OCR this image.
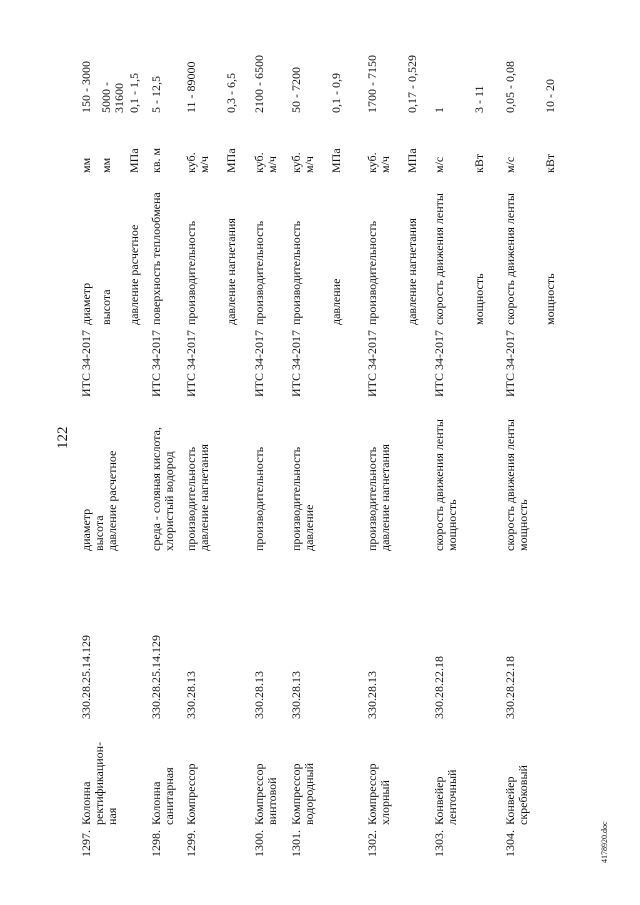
122
1297.
Колонна ректификацион-ная
330.28.25.14.129
диаметр высота давление расчетное
ИТС 34-2017
диаметр высота давление расчетное
мм мм МПа
150 - 3000 5000 - 31600 0,1 - 1,5
1298.
Колонна санитарная
330.28.25.14.129
среда - соляная кислота, хлористый водород
ИТС 34-2017
поверхность теплообмена
кв. м
5 - 12,5
1299.
Компрессор
330.28.13
производительность давление нагнетания
ИТС 34-2017
производительность давление нагнетания
куб. м/ч МПа
11 - 89000 0,3 - 6,5
1300.
Компрессор винтовой
330.28.13
производительность
ИТС 34-2017
производительность
куб. м/ч
2100 - 6500
1301.
Компрессор водородный
330.28.13
производительность давление
ИТС 34-2017
производительность давление
куб. м/ч МПа
50 - 7200 0,1 - 0,9
1302.
Компрессор хлорный
330.28.13
производительность давление нагнетания
ИТС 34-2017
производительность давление нагнетания
куб. м/ч МПа
1700 - 7150 0,17 - 0,529
1303.
Конвейер ленточный
330.28.22.18
скорость движения ленты мощность
ИТС 34-2017
скорость движения ленты мощность
м/с кВт
1 3 - 11
1304.
Конвейер скребковый
330.28.22.18
скорость движения ленты мощность
ИТС 34-2017
скорость движения ленты мощность
м/с кВт
0,05 - 0,08 10 - 20
4178920.doc
